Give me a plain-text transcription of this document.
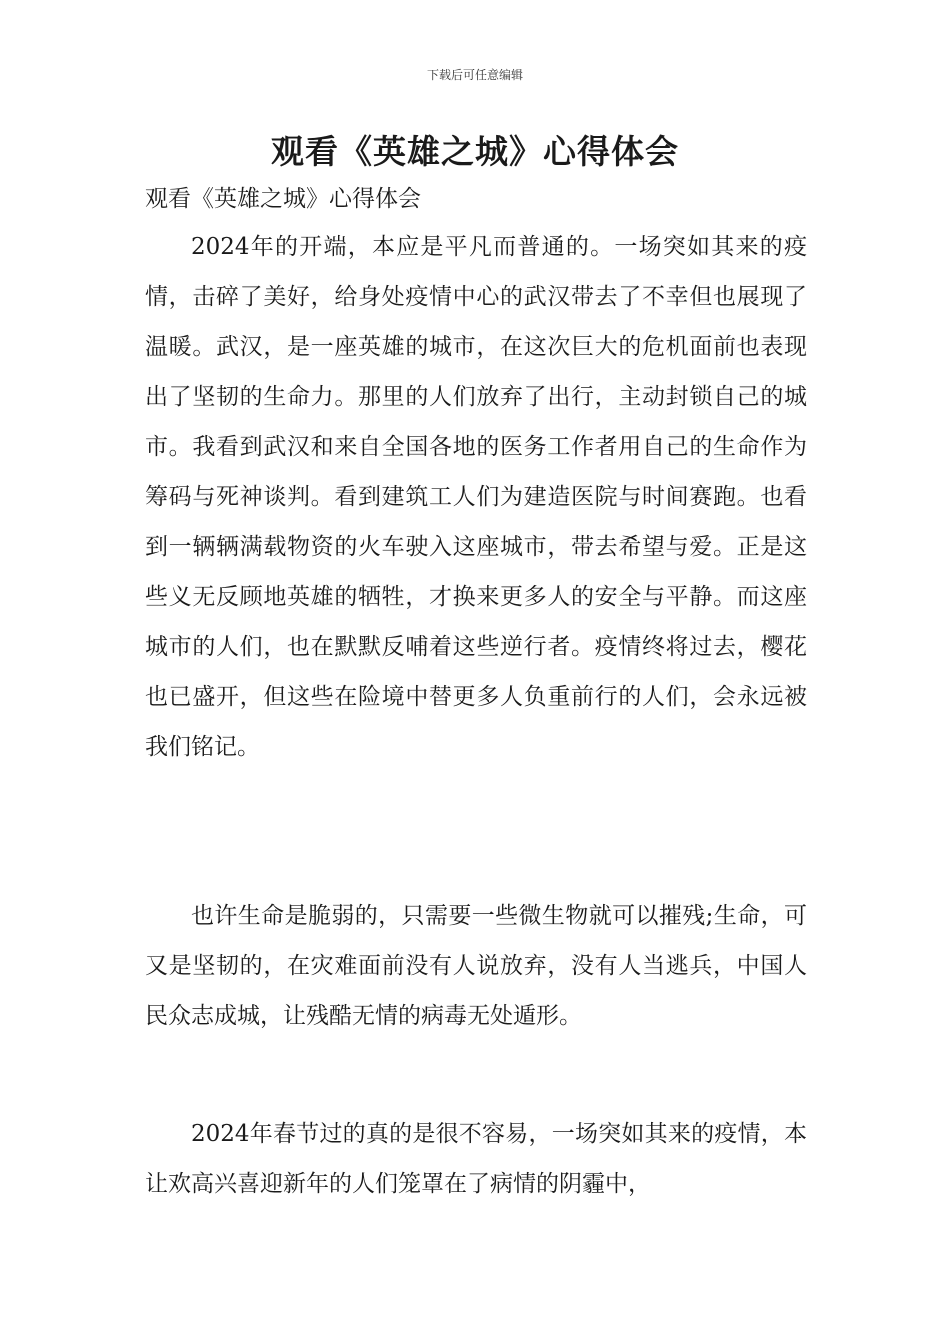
下载后可任意编辑
观看《英雄之城》心得体会

观看《英雄之城》心得体会

2024年的开端，本应是平凡而普通的。一场突如其来的疫情，击碎了美好，给身处疫情中心的武汉带去了不幸但也展现了温暖。武汉，是一座英雄的城市，在这次巨大的危机面前也表现出了坚韧的生命力。那里的人们放弃了出行，主动封锁自己的城市。我看到武汉和来自全国各地的医务工作者用自己的生命作为筹码与死神谈判。看到建筑工人们为建造医院与时间赛跑。也看到一辆辆满载物资的火车驶入这座城市，带去希望与爱。正是这些义无反顾地英雄的牺牲，才换来更多人的安全与平静。而这座城市的人们，也在默默反哺着这些逆行者。疫情终将过去，樱花也已盛开，但这些在险境中替更多人负重前行的人们，会永远被我们铭记。

也许生命是脆弱的，只需要一些微生物就可以摧残;生命，可又是坚韧的，在灾难面前没有人说放弃，没有人当逃兵，中国人民众志成城，让残酷无情的病毒无处遁形。

2024年春节过的真的是很不容易，一场突如其来的疫情，本让欢高兴喜迎新年的人们笼罩在了病情的阴霾中，
